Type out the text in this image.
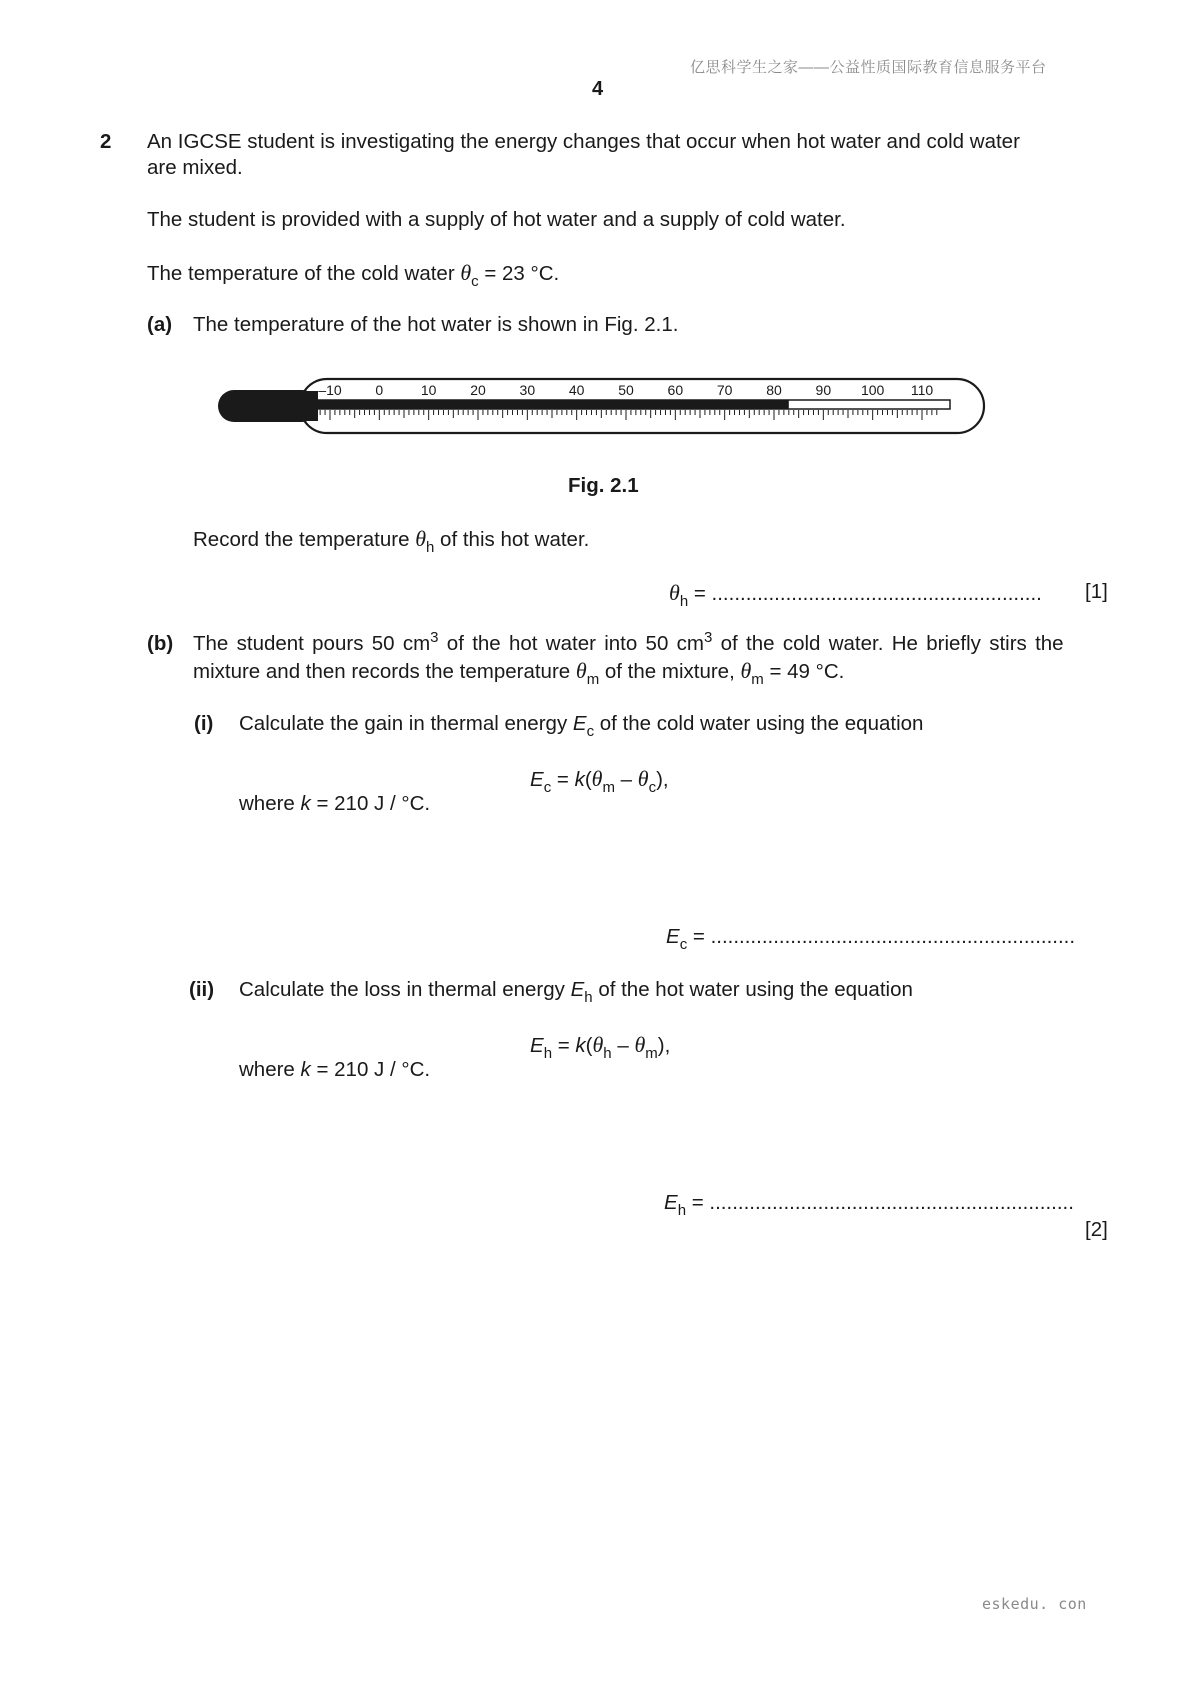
亿思科学生之家——公益性质国际教育信息服务平台
4
2 An IGCSE student is investigating the energy changes that occur when hot water and cold water
are mixed.
The student is provided with a supply of hot water and a supply of cold water.
The temperature of the cold water $\theta_c = 23$ °C.
(a) The temperature of the hot water is shown in Fig. 2.1.
–10 0	10 20 30 40 50 60 70 80 90 100 110
Fig. 2.1
Record the temperature $\theta_h$ of this hot water.
$\theta_h$ = .......................................................... [1]
(b) The student pours 50 $cm^3$ of the hot water into 50 $cm^3$ of the cold water. He briefly stirs the
mixture and then records the temperature $\theta_m$ of the mixture, $\theta_m = 49$ °C.
(i) Calculate the gain in thermal energy $E_c$ of the cold water using the equation
$E_c = k(\theta_m - \theta_c)$,
where k = 210 J / °C.
$E_c$ = ................................................................
(ii) Calculate the loss in thermal energy $E_h$ of the hot water using the equation
$E_h = k(\theta_h - \theta_m)$,
where k = 210 J / °C.
$E_h$ = ................................................................
[2]
eskedu. con
